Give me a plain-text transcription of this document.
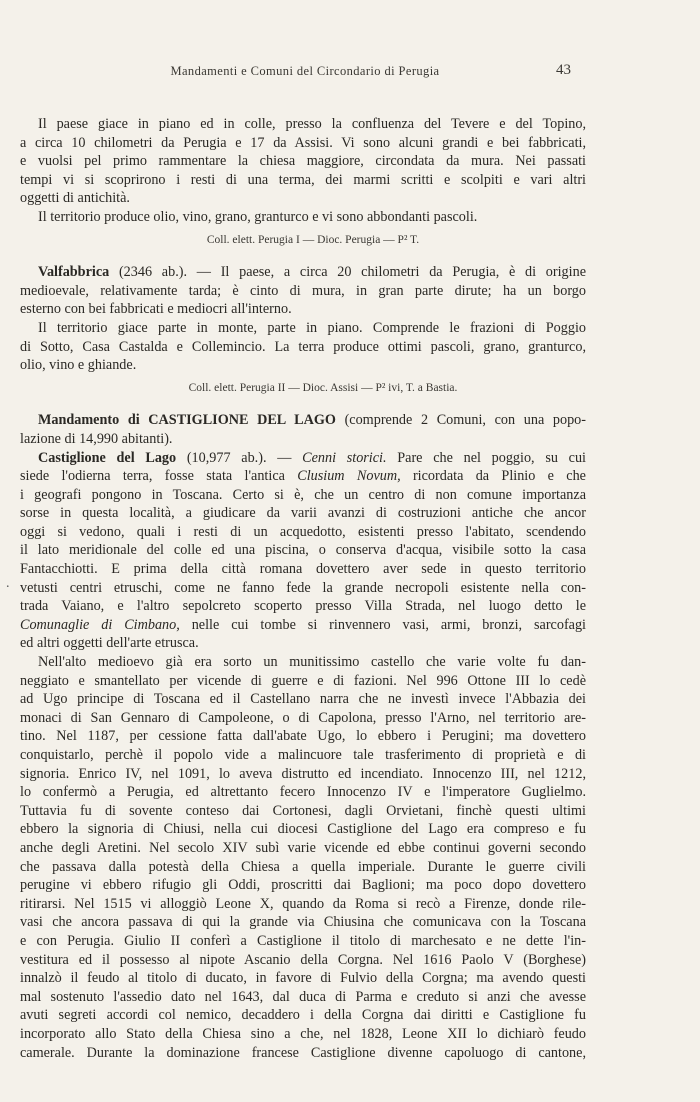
Mandamenti e Comuni del Circondario di Perugia	43
.
Il paese giace in piano ed in colle, presso la confluenza del Tevere e del Topino,
a circa 10 chilometri da Perugia e 17 da Assisi. Vi sono alcuni grandi e bei fabbricati,
e vuolsi pel primo rammentare la chiesa maggiore, circondata da mura. Nei passati
tempi vi si scoprirono i resti di una terma, dei marmi scritti e scolpiti e vari altri
oggetti di antichità.
Il territorio produce olio, vino, grano, granturco e vi sono abbondanti pascoli.
Coll. elett. Perugia I — Dioc. Perugia — P² T.
Valfabbrica (2346 ab.). — Il paese, a circa 20 chilometri da Perugia, è di origine
medioevale, relativamente tarda; è cinto di mura, in gran parte dirute; ha un borgo
esterno con bei fabbricati e mediocri all'interno.
Il territorio giace parte in monte, parte in piano. Comprende le frazioni di Poggio
di Sotto, Casa Castalda e Collemincio. La terra produce ottimi pascoli, grano, granturco,
olio, vino e ghiande.
Coll. elett. Perugia II — Dioc. Assisi — P² ivi, T. a Bastia.
Mandamento di CASTIGLIONE DEL LAGO (comprende 2 Comuni, con una popo-
lazione di 14,990 abitanti).
Castiglione del Lago (10,977 ab.). — Cenni storici. Pare che nel poggio, su cui
siede l'odierna terra, fosse stata l'antica Clusium Novum, ricordata da Plinio e che
i geografi pongono in Toscana. Certo si è, che un centro di non comune importanza
sorse in questa località, a giudicare da varii avanzi di costruzioni antiche che ancor
oggi si vedono, quali i resti di un acquedotto, esistenti presso l'abitato, scendendo
il lato meridionale del colle ed una piscina, o conserva d'acqua, visibile sotto la casa
Fantacchiotti. E prima della città romana dovettero aver sede in questo territorio
vetusti centri etruschi, come ne fanno fede la grande necropoli esistente nella con-
trada Vaiano, e l'altro sepolcreto scoperto presso Villa Strada, nel luogo detto le
Comunaglie di Cimbano, nelle cui tombe si rinvennero vasi, armi, bronzi, sarcofagi
ed altri oggetti dell'arte etrusca.
Nell'alto medioevo già era sorto un munitissimo castello che varie volte fu dan-
neggiato e smantellato per vicende di guerre e di fazioni. Nel 996 Ottone III lo cedè
ad Ugo principe di Toscana ed il Castellano narra che ne investì invece l'Abbazia dei
monaci di San Gennaro di Campoleone, o di Capolona, presso l'Arno, nel territorio are-
tino. Nel 1187, per cessione fatta dall'abate Ugo, lo ebbero i Perugini; ma dovettero
conquistarlo, perchè il popolo vide a malincuore tale trasferimento di proprietà e di
signoria. Enrico IV, nel 1091, lo aveva distrutto ed incendiato. Innocenzo III, nel 1212,
lo confermò a Perugia, ed altrettanto fecero Innocenzo IV e l'imperatore Guglielmo.
Tuttavia fu di sovente conteso dai Cortonesi, dagli Orvietani, finchè questi ultimi
ebbero la signoria di Chiusi, nella cui diocesi Castiglione del Lago era compreso e fu
anche degli Aretini. Nel secolo XIV subì varie vicende ed ebbe continui governi secondo
che passava dalla potestà della Chiesa a quella imperiale. Durante le guerre civili
perugine vi ebbero rifugio gli Oddi, proscritti dai Baglioni; ma poco dopo dovettero
ritirarsi. Nel 1515 vi alloggiò Leone X, quando da Roma si recò a Firenze, donde rile-
vasi che ancora passava di qui la grande via Chiusina che comunicava con la Toscana
e con Perugia. Giulio II conferì a Castiglione il titolo di marchesato e ne dette l'in-
vestitura ed il possesso al nipote Ascanio della Corgna. Nel 1616 Paolo V (Borghese)
innalzò il feudo al titolo di ducato, in favore di Fulvio della Corgna; ma avendo questi
mal sostenuto l'assedio dato nel 1643, dal duca di Parma e creduto si anzi che avesse
avuti segreti accordi col nemico, decaddero i della Corgna dai diritti e Castiglione fu
incorporato allo Stato della Chiesa sino a che, nel 1828, Leone XII lo dichiarò feudo
camerale. Durante la dominazione francese Castiglione divenne capoluogo di cantone,
